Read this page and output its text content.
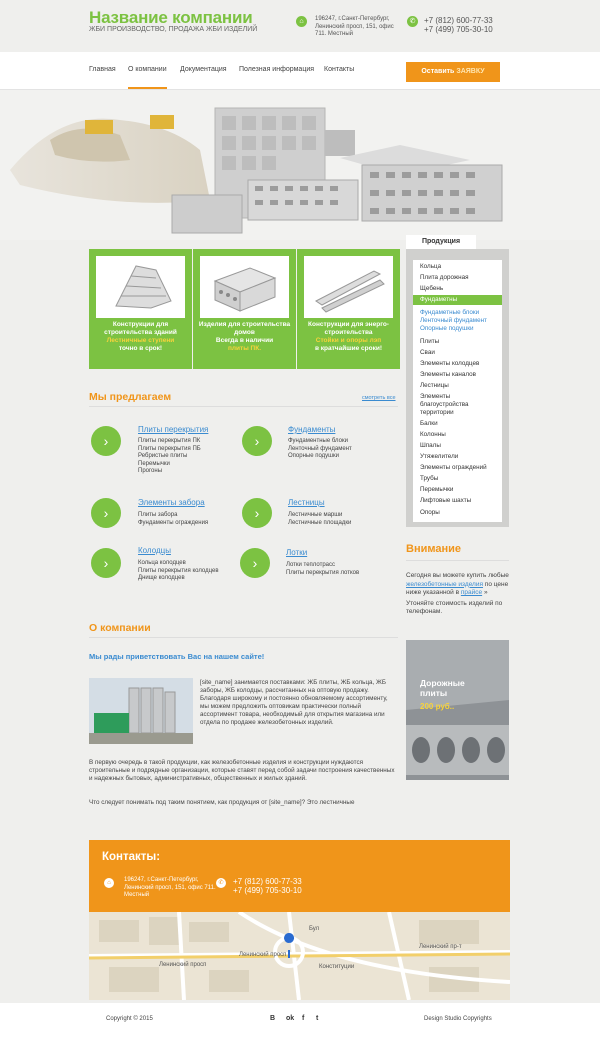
Название компании
ЖБИ ПРОИЗВОДСТВО, ПРОДАЖА ЖБИ ИЗДЕЛИЙ
⌂	196247, г.Санкт-Петербург, Ленинский просп, 151, офис 711. Местный
✆	+7 (812) 600-77-33
+7 (499) 705-30-10
Главная О компании Документация Полезная информация Контакты	Оставить ЗАЯВКУ
Конструкции для строительства зданий
Лестничные ступени
точно в срок!
Изделия для строительства домов
Всегда в наличии
плиты ПК.
Конструкции для энерго-строительства
Стойки и опоры лэп
в кратчайшие сроки!
Продукция
Кольца
Плита дорожная
Щебень
Фундаметны
Фундаметные блоки
Ленточный фундамент
Опорные подушки
Плиты
Сваи
Элементы колодцев
Элементы каналов
Лестницы
Элементы благоустройства территории
Балки
Колонны
Шпалы
Утяжелители
Элементы ограждений
Трубы
Перемычки
Лифтовые шахты
Опоры
Мы предлагаем	смотреть все
›
Плиты перекрытия
Плиты перекрытия ПК
Плиты перекрытия ПБ
Ребристые плиты
Перемычки
Прогоны
›
Фундаменты
Фундаментные блоки
Ленточный фундамент
Опорные подушки
›
Элементы забора
Плиты забора
Фундаменты ограждения
›
Лестницы
Лестничные марши
Лестничные площадки
›
Колодцы
Кольца колодцев
Плиты перекрытия колодцев
Днище колодцев
›
Лотки
Лотки теплотрасс
Плиты перекрытия лотков
Внимание
Сегодня вы можете купить любые железобетонные изделия по цене ниже указанной в прайсе »
Утоняйте стоимость изделий по телефонам.
Дорожные плиты
200 руб..
О компании
Мы рады приветствовать Вас на нашем сайте!
[site_name] занимается поставками: ЖБ плиты, ЖБ кольца, ЖБ заборы, ЖБ колодцы, рассчитанных на оптовую продажу. Благодаря широкому и постоянно обновляемому ассортименту, мы можем предложить оптовикам практически полный ассортимент товара, необходимый для открытия магазина или отдела по продаже железобетонных изделий.
В первую очередь в такой продукции, как железобетонные изделия и конструкции нуждаются строительные и подрядные организации, которые ставят перед собой задачи построения качественных и надежных бытовых, административных, общественных и жилых зданий.
Что следует понимать под таким понятием, как продукция от [site_name]? Это лестничные
Контакты:
⌂	196247, г.Санкт-Петербург, Ленинский просп, 151, офис 711. Местный
✆	+7 (812) 600-77-33
+7 (499) 705-30-10
Ленинский просп
Ленинский просп
Ленинский пр-т
Конституции
Бул
Copyright © 2015	В ok f t	Design Studio Copyrights
